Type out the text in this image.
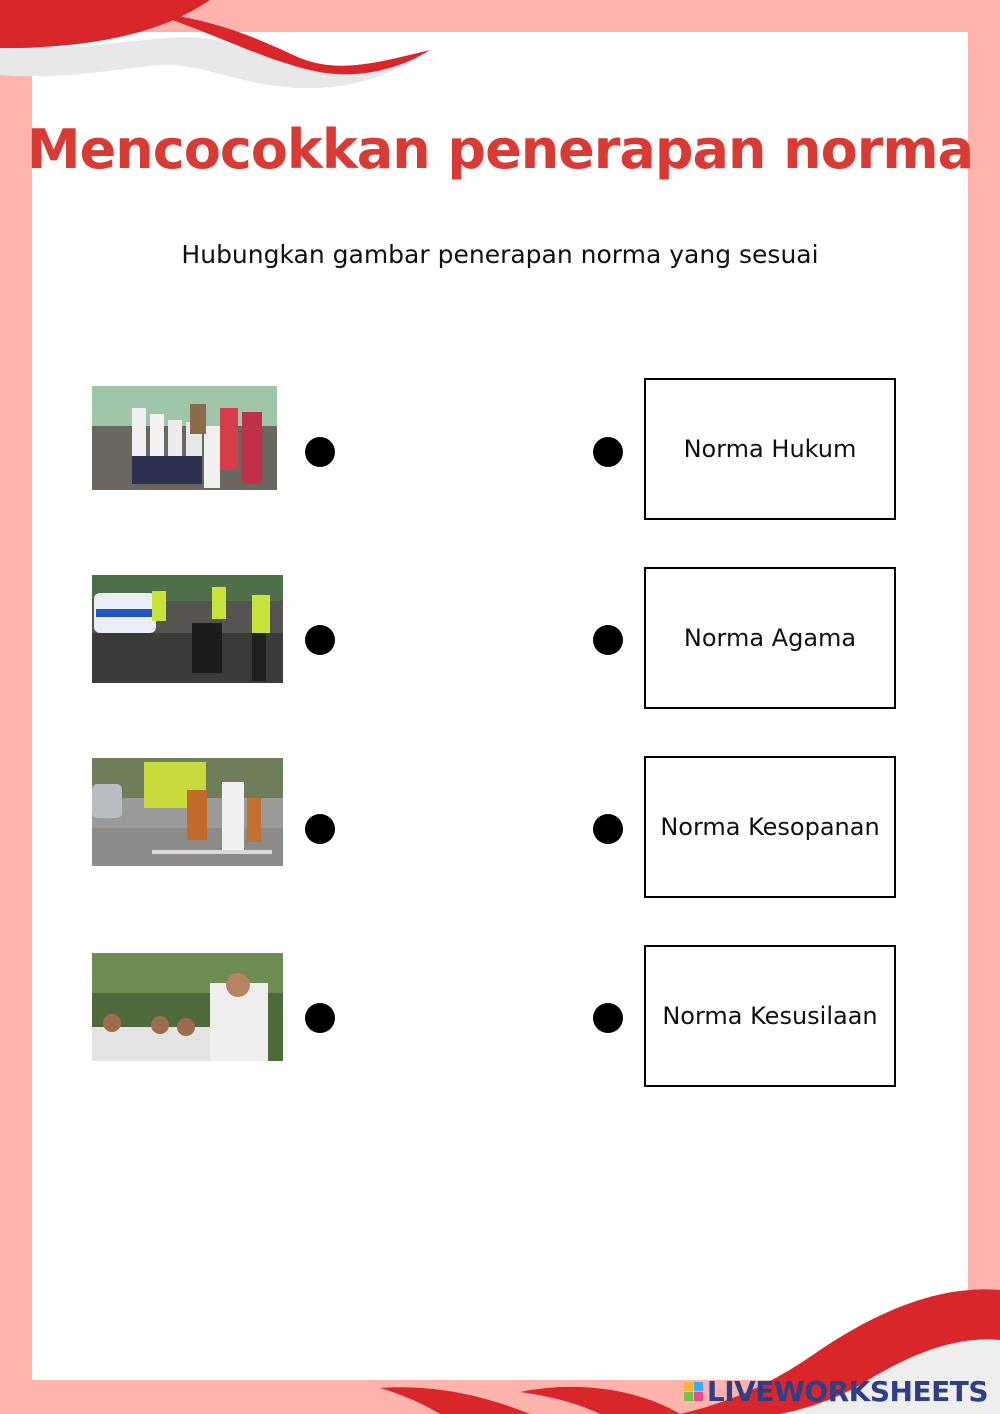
Mencocokkan penerapan norma
Hubungkan gambar penerapan norma yang sesuai
Norma Hukum
Norma Agama
Norma Kesopanan
Norma Kesusilaan
LIVEWORKSHEETS
